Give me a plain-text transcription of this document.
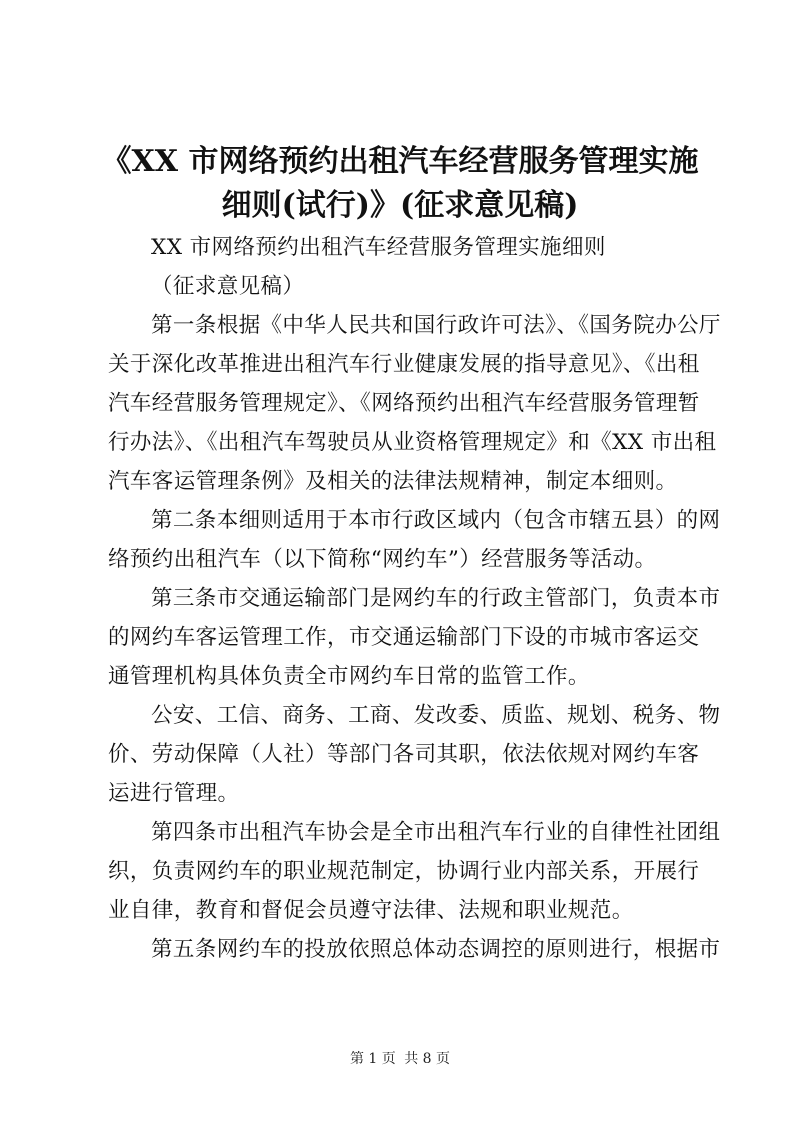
《XX 市网络预约出租汽车经营服务管理实施
细则(试行)》(征求意见稿)
XX 市网络预约出租汽车经营服务管理实施细则
（征求意见稿）
第一条根据《中华人民共和国行政许可法》、《国务院办公厅
关于深化改革推进出租汽车行业健康发展的指导意见》、《出租
汽车经营服务管理规定》、《网络预约出租汽车经营服务管理暂
行办法》、《出租汽车驾驶员从业资格管理规定》和《XX 市出租
汽车客运管理条例》及相关的法律法规精神，制定本细则。
第二条本细则适用于本市行政区域内（包含市辖五县）的网
络预约出租汽车（以下简称“网约车”）经营服务等活动。
第三条市交通运输部门是网约车的行政主管部门，负责本市
的网约车客运管理工作，市交通运输部门下设的市城市客运交
通管理机构具体负责全市网约车日常的监管工作。
公安、工信、商务、工商、发改委、质监、规划、税务、物
价、劳动保障（人社）等部门各司其职，依法依规对网约车客
运进行管理。
第四条市出租汽车协会是全市出租汽车行业的自律性社团组
织，负责网约车的职业规范制定，协调行业内部关系，开展行
业自律，教育和督促会员遵守法律、法规和职业规范。
第五条网约车的投放依照总体动态调控的原则进行，根据市
第 1 页 共 8 页
